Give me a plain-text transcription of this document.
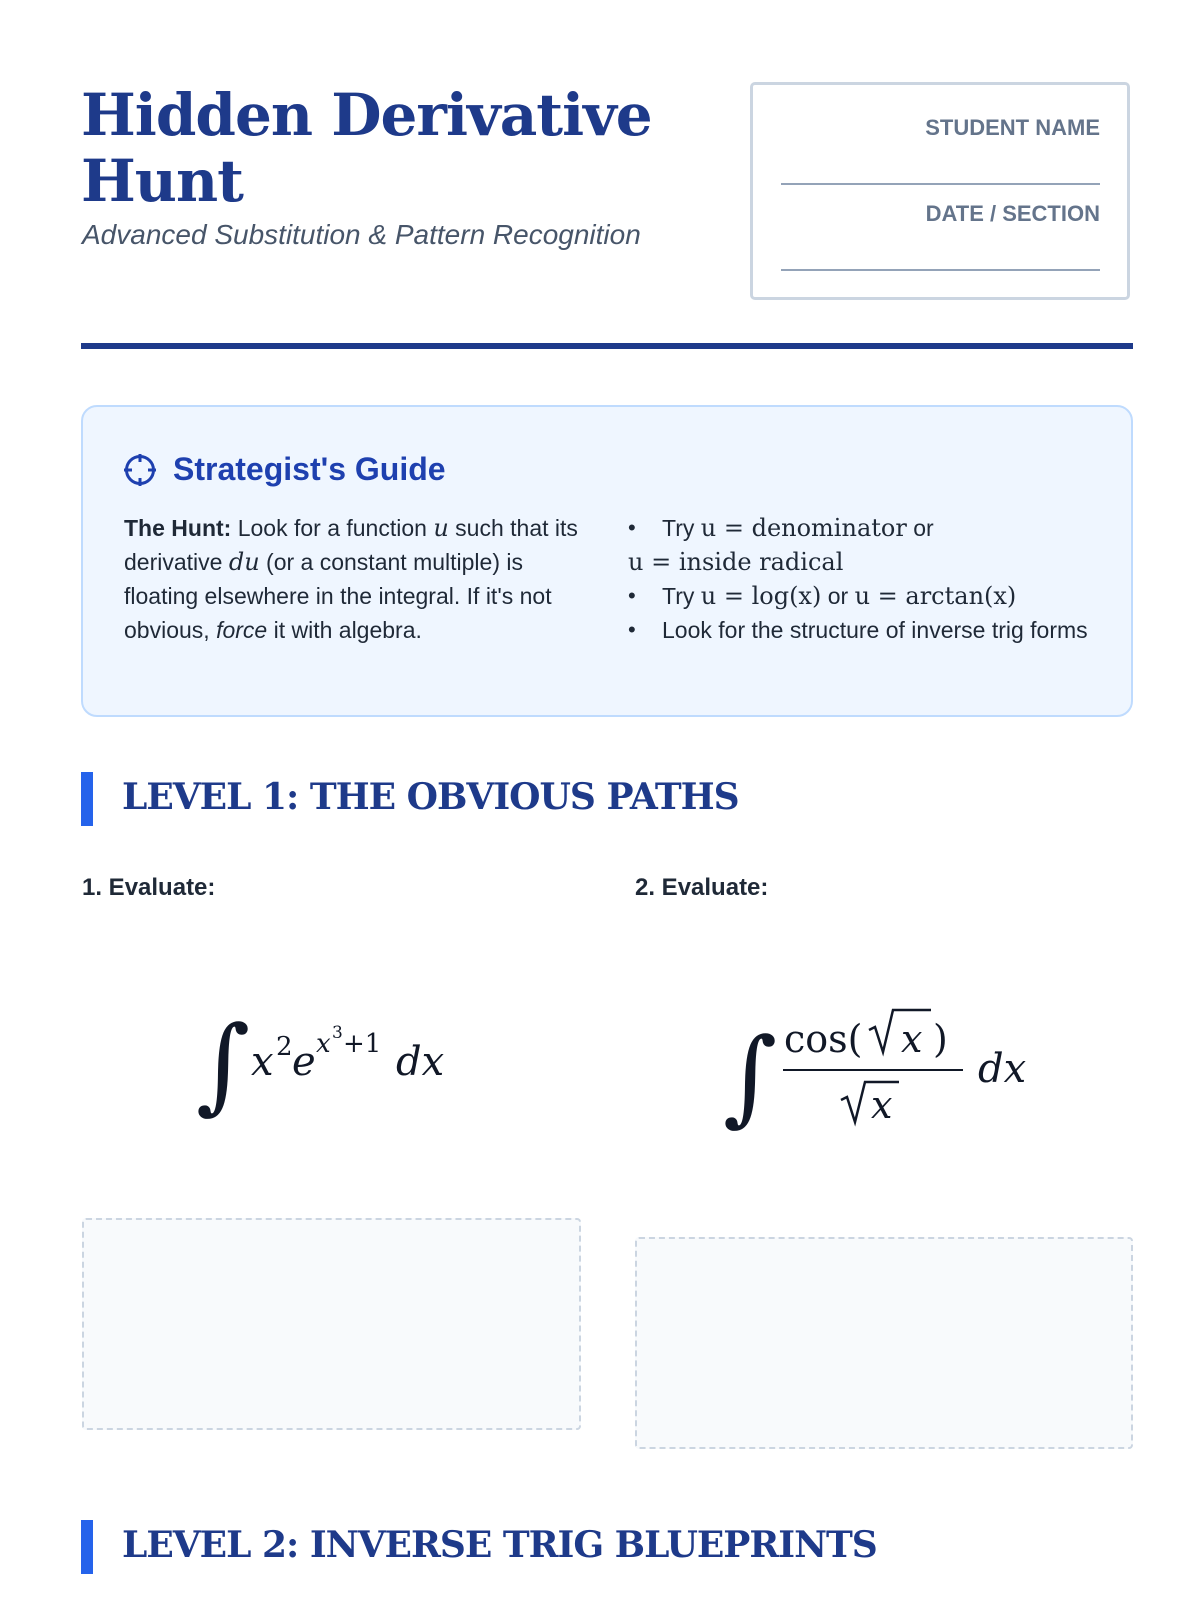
Hidden Derivative Hunt

Advanced Substitution & Pattern Recognition

STUDENT NAME
DATE / SECTION
Strategist's Guide
The Hunt: Look for a function u such that its derivative du (or a constant multiple) is floating elsewhere in the integral. If it's not obvious, force it with algebra.
• Try u = denominator or
u = inside radical
• Try u = log(x) or u = arctan(x)
• Look for the structure of inverse trig forms
LEVEL 1: THE OBVIOUS PATHS
1. Evaluate:	2. Evaluate:
∫ x 2 e x 3 +1 dx	∫ cos( x )
x
dx
LEVEL 2: INVERSE TRIG BLUEPRINTS
